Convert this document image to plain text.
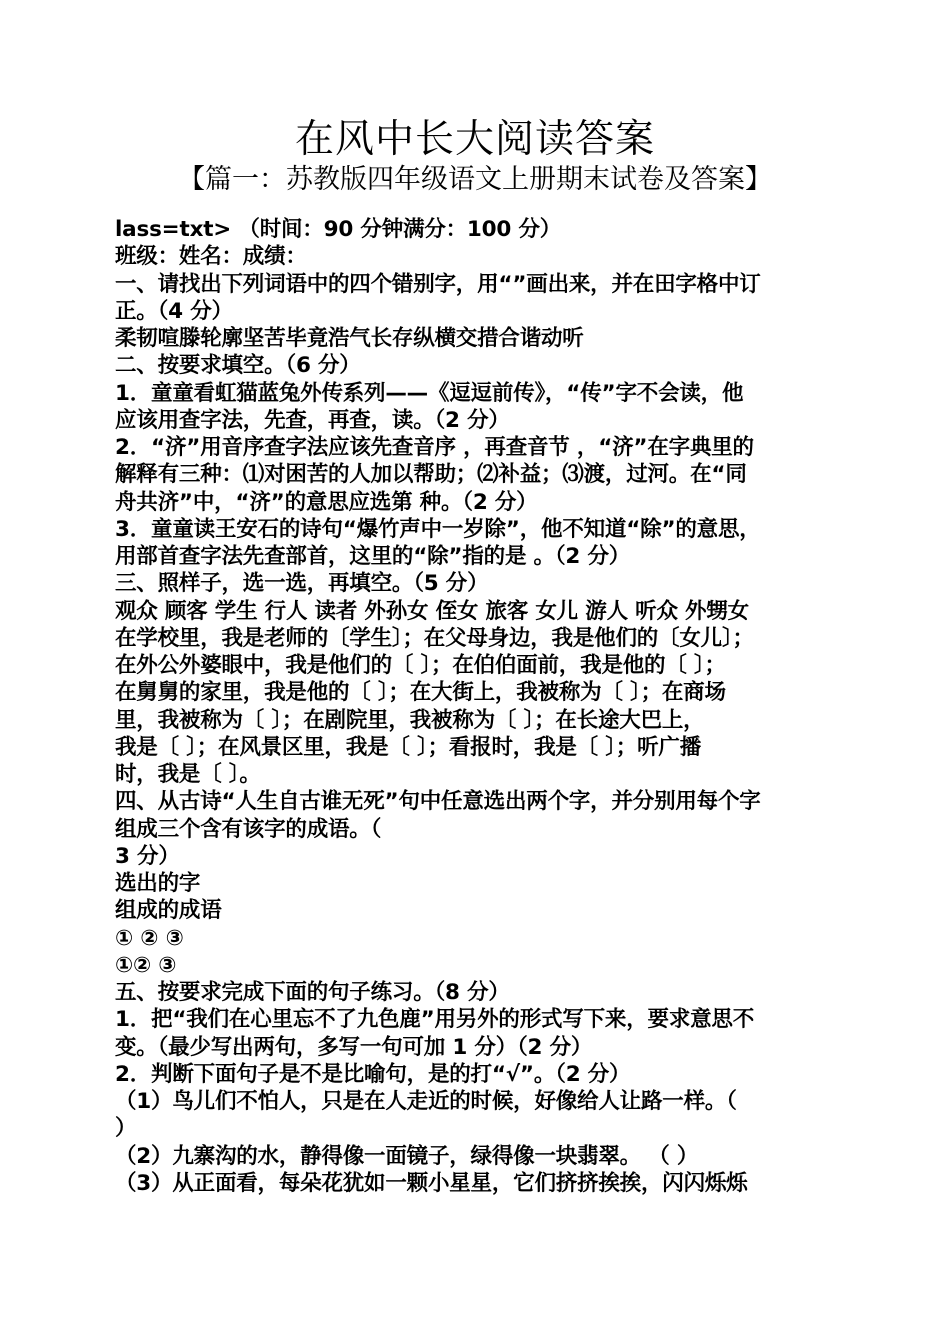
在风中长大阅读答案
【篇一：苏教版四年级语文上册期末试卷及答案】
lass=txt> （时间：90 分钟满分：100 分）
班级：姓名：成绩：
一、请找出下列词语中的四个错别字，用“”画出来，并在田字格中订
正。（4 分）
柔韧喧滕轮廓坚苦毕竟浩气长存纵横交措合谐动听
二、按要求填空。（6 分）
1．童童看虹猫蓝兔外传系列——《逗逗前传》，“传”字不会读，他
应该用查字法，先查，再查，读。（2 分）
2．“济”用音序查字法应该先查音序 ，再查音节 ，“济”在字典里的
解释有三种：⑴对困苦的人加以帮助；⑵补益；⑶渡，过河。在“同
舟共济”中，“济”的意思应选第 种。（2 分）
3．童童读王安石的诗句“爆竹声中一岁除”，他不知道“除”的意思，
用部首查字法先查部首，这里的“除”指的是 。（2 分）
三、照样子，选一选，再填空。（5 分）
观众 顾客 学生 行人 读者 外孙女 侄女 旅客 女儿 游人 听众 外甥女
在学校里，我是老师的〔学生〕；在父母身边，我是他们的〔女儿〕；
在外公外婆眼中，我是他们的〔 〕；在伯伯面前，我是他的〔 〕；
在舅舅的家里，我是他的〔 〕；在大街上，我被称为〔 〕；在商场
里，我被称为〔 〕；在剧院里，我被称为〔 〕；在长途大巴上，
我是〔 〕；在风景区里，我是〔 〕；看报时，我是〔 〕；听广播
时，我是〔 〕。
四、从古诗“人生自古谁无死”句中任意选出两个字，并分别用每个字
组成三个含有该字的成语。（
3 分）
选出的字
组成的成语
① ② ③
①② ③
五、按要求完成下面的句子练习。（8 分）
1．把“我们在心里忘不了九色鹿”用另外的形式写下来，要求意思不
变。（最少写出两句，多写一句可加 1 分）（2 分）
2．判断下面句子是不是比喻句，是的打“√”。（2 分）
（1）鸟儿们不怕人，只是在人走近的时候，好像给人让路一样。（
）
（2）九寨沟的水，静得像一面镜子，绿得像一块翡翠。 （ ）
（3）从正面看，每朵花犹如一颗小星星，它们挤挤挨挨，闪闪烁烁
